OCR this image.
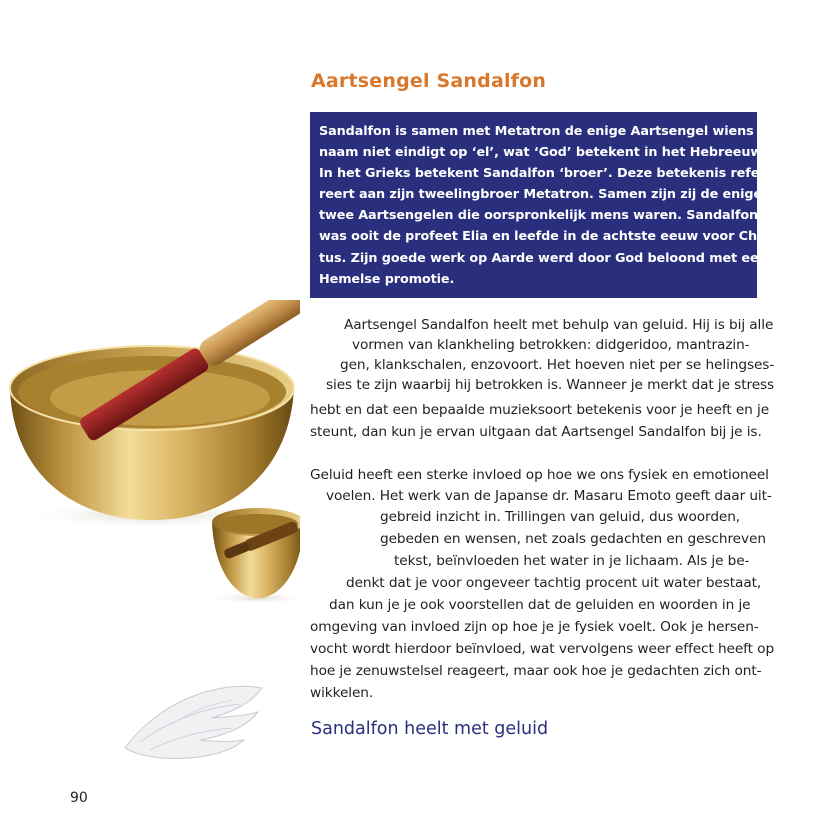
Aartsengel Sandalfon
Sandalfon is samen met Metatron de enige Aartsengel wiens
naam niet eindigt op ‘el’, wat ‘God’ betekent in het Hebreeuws.
In het Grieks betekent Sandalfon ‘broer’. Deze betekenis refe-
reert aan zijn tweelingbroer Metatron. Samen zijn zij de enige
twee Aartsengelen die oorspronkelijk mens waren. Sandalfon
was ooit de profeet Elia en leefde in de achtste eeuw voor Chris-
tus. Zijn goede werk op Aarde werd door God beloond met een
Hemelse promotie.
Aartsengel Sandalfon heelt met behulp van geluid. Hij is bij alle
vormen van klankheling betrokken: didgeridoo, mantrazin-
gen, klankschalen, enzovoort. Het hoeven niet per se helingses-
sies te zijn waarbij hij betrokken is. Wanneer je merkt dat je stress
hebt en dat een bepaalde muzieksoort betekenis voor je heeft en je
steunt, dan kun je ervan uitgaan dat Aartsengel Sandalfon bij je is.
Geluid heeft een sterke invloed op hoe we ons fysiek en emotioneel
voelen. Het werk van de Japanse dr. Masaru Emoto geeft daar uit-
gebreid inzicht in. Trillingen van geluid, dus woorden,
gebeden en wensen, net zoals gedachten en geschreven
tekst, beïnvloeden het water in je lichaam. Als je be-
denkt dat je voor ongeveer tachtig procent uit water bestaat,
dan kun je je ook voorstellen dat de geluiden en woorden in je
omgeving van invloed zijn op hoe je je fysiek voelt. Ook je hersen-
vocht wordt hierdoor beïnvloed, wat vervolgens weer effect heeft op
hoe je zenuwstelsel reageert, maar ook hoe je gedachten zich ont-
wikkelen.
Sandalfon heelt met geluid
90
